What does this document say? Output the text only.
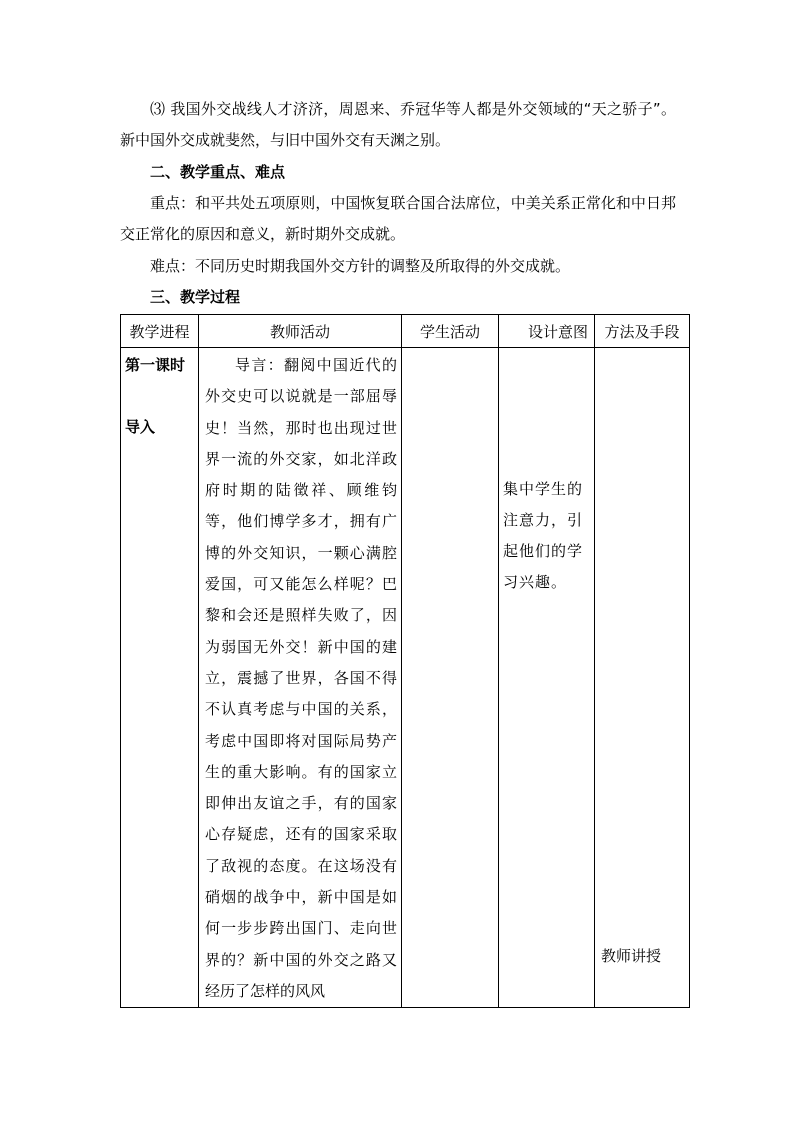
⑶ 我国外交战线人才济济，周恩来、乔冠华等人都是外交领域的“天之骄子”。新中国外交成就斐然，与旧中国外交有天渊之别。

二、教学重点、难点

重点：和平共处五项原则，中国恢复联合国合法席位，中美关系正常化和中日邦交正常化的原因和意义，新时期外交成就。

难点：不同历史时期我国外交方针的调整及所取得的外交成就。

三、教学过程

教学进程	教师活动	学生活动	设计意图	方法及手段

第一课时
导入	导言：翻阅中国近代的外交史可以说就是一部屈辱史！当然，那时也出现过世界一流的外交家，如北洋政府时期的陆徵祥、顾维钧等，他们博学多才，拥有广博的外交知识，一颗心满腔爱国，可又能怎么样呢？巴黎和会还是照样失败了，因为弱国无外交！新中国的建立，震撼了世界，各国不得不认真考虑与中国的关系，考虑中国即将对国际局势产生的重大影响。有的国家立即伸出友谊之手，有的国家心存疑虑，还有的国家采取了敌视的态度。在这场没有硝烟的战争中，新中国是如何一步步跨出国门、走向世界的？新中国的外交之路又经历了怎样的风风		集中学生的注意力，引起他们的学习兴趣。	教师讲授
